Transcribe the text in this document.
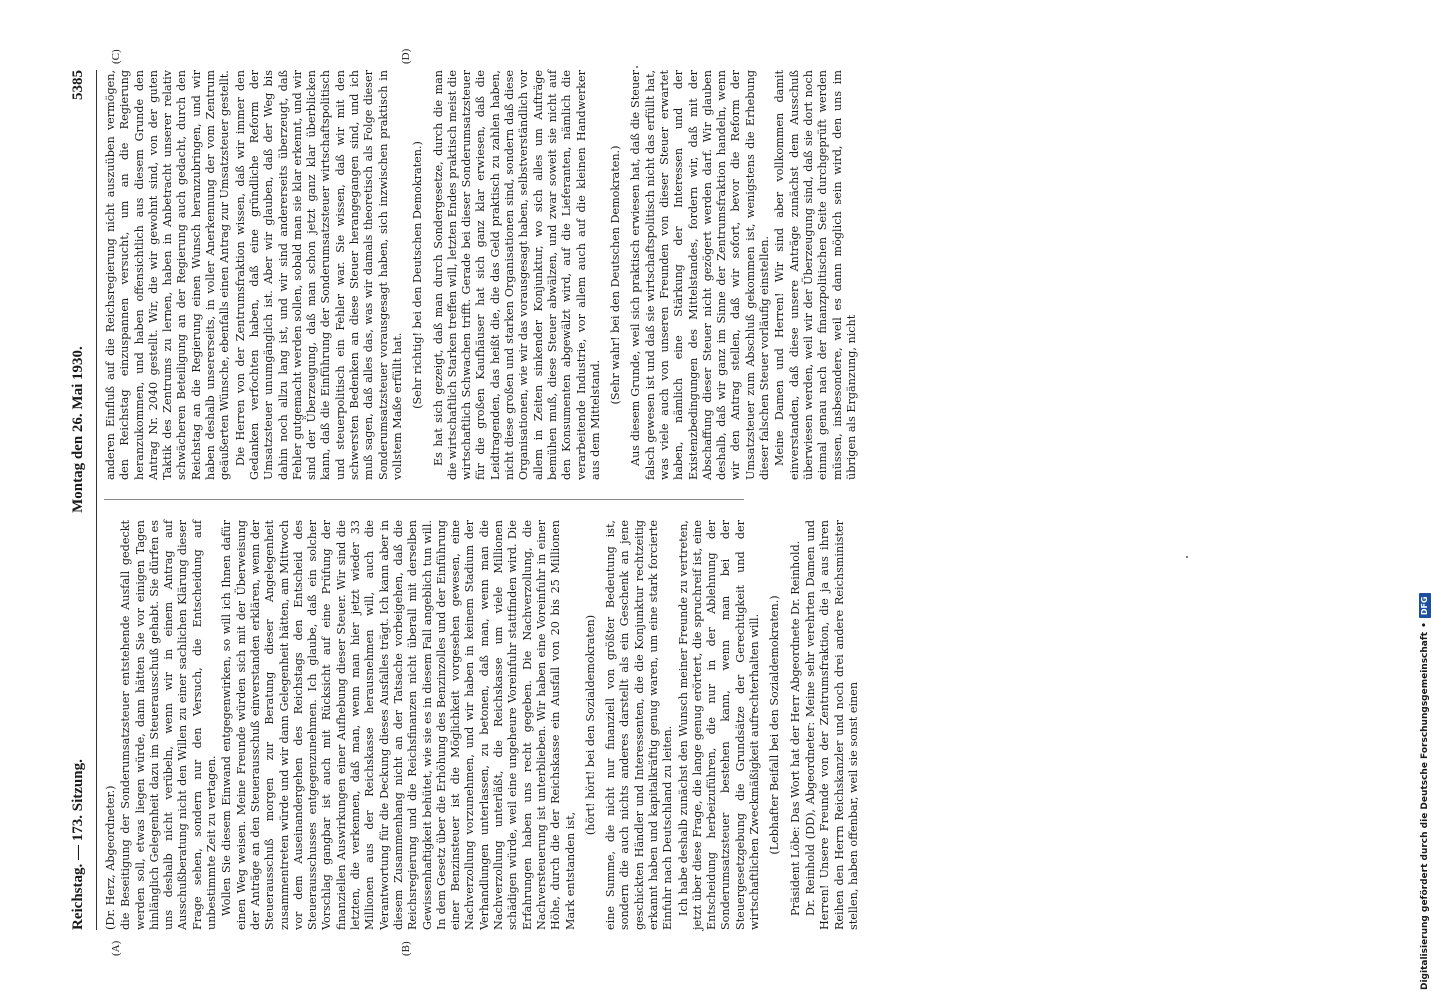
Reichstag. — 173. Sitzung.
Montag den 26. Mai 1930.
5385

(Dr. Herz, Abgeordneter.) die Beseitigung der Sonderumsatzsteuer entstehende Ausfall gedeckt werden soll, etwas liegen würde, dann hätten Sie vor einigen Tagen hinlänglich Gelegenheit dazu im Steuerausschuß gehabt. Sie dürfen es uns deshalb nicht verübeln, wenn wir in einem Antrag auf Ausschußberatung nicht den Willen zu einer sachlichen Klärung dieser Frage sehen, sondern nur den Versuch, die Entscheidung auf unbestimmte Zeit zu vertagen. Wollen Sie diesem Einwand entgegenwirken, so will ich Ihnen dafür einen Weg weisen. Meine Freunde würden sich mit der Überweisung der Anträge an den Steuerausschuß einverstanden erklären, wenn der Steuerausschuß morgen zur Beratung dieser Angelegenheit zusammentreten würde und wir dann Gelegenheit hätten, am Mittwoch vor dem Auseinandergehen des Reichstags den Entscheid des Steuerausschusses entgegenzunehmen. Ich glaube, daß ein solcher Vorschlag gangbar ist auch mit Rücksicht auf eine Prüfung der finanziellen Auswirkungen einer Aufhebung dieser Steuer. Wir sind die letzten, die verkennen, daß man, wenn man hier jetzt wieder 33 Millionen aus der Reichskasse herausnehmen will, auch die Verantwortung für die Deckung dieses Ausfalles trägt. Ich kann aber in diesem Zusammenhang nicht an der Tatsache vorbeigehen, daß die Reichsregierung und die Reichsfinanzen nicht überall mit derselben Gewissenhaftigkeit behütet, wie sie es in diesem Fall angeblich tun will. In dem Gesetz über die Erhöhung des Benzinzolles und der Einführung einer Benzinsteuer ist die Möglichkeit vorgesehen gewesen, eine Nachverzollung vorzunehmen, und wir haben in keinem Stadium der Verhandlungen unterlassen, zu betonen, daß man, wenn man die Nachverzollung unterläßt, die Reichskasse um viele Millionen schädigen würde, weil eine ungeheure Voreinfuhr stattfinden wird. Die Erfahrungen haben uns recht gegeben. Die Nachverzollung, die Nachversteuerung ist unterblieben. Wir haben eine Voreinfuhr in einer Höhe, durch die der Reichskasse ein Ausfall von 20 bis 25 Millionen Mark entstanden ist,

(hört! hört! bei den Sozialdemokraten) eine Summe, die nicht nur finanziell von größter Bedeutung ist, sondern die auch nichts anderes darstellt als ein Geschenk an jene geschickten Händler und Interessenten, die die Konjunktur rechtzeitig erkannt haben und kapitalkräftig genug waren, um eine stark forcierte Einfuhr nach Deutschland zu leiten. Ich habe deshalb zunächst den Wunsch meiner Freunde zu vertreten, jetzt über diese Frage, die lange genug erörtert, die spruchreif ist, eine Entscheidung herbeizuführen, die nur in der Ablehnung der Sonderumsatzsteuer bestehen kann, wenn man bei der Steuergesetzgebung die Grundsätze der Gerechtigkeit und der wirtschaftlichen Zweckmäßigkeit aufrechterhalten will. (Lebhafter Beifall bei den Sozialdemokraten.) Präsident Löbe: Das Wort hat der Herr Abgeordnete Dr. Reinhold. Dr. Reinhold (DD), Abgeordneter: Meine sehr verehrten Damen und Herren! Unsere Freunde von der Zentrumsfraktion, die ja aus ihren Reihen den Herrn Reichskanzler und noch drei andere Reichsminister stellen, haben offenbar, weil sie sonst einen

anderen Einfluß auf die Reichsregierung nicht auszuüben vermögen, den Reichstag einzuspannen versucht, um an die Regierung heranzukommen, und haben offensichtlich aus diesem Grunde den Antrag Nr. 2040 gestellt. Wir, die wir gewohnt sind, von der guten Taktik des Zentrums zu lernen, haben in Anbetracht unserer relativ schwächeren Beteiligung an der Regierung auch gedacht, durch den Reichstag an die Regierung einen Wunsch heranzubringen, und wir haben deshalb unsererseits, in voller Anerkennung der vom Zentrum geäußerten Wünsche, ebenfalls einen Antrag zur Umsatzsteuer gestellt. Die Herren von der Zentrumsfraktion wissen, daß wir immer den Gedanken verfochten haben, daß eine gründliche Reform der Umsatzsteuer unumgänglich ist. Aber wir glauben, daß der Weg bis dahin noch allzu lang ist, und wir sind andererseits überzeugt, daß Fehler gutgemacht werden sollen, sobald man sie klar erkennt, und wir sind der Überzeugung, daß man schon jetzt ganz klar überblicken kann, daß die Einführung der Sonderumsatzsteuer wirtschaftspolitisch und steuerpolitisch ein Fehler war. Sie wissen, daß wir mit den schwersten Bedenken an diese Steuer herangegangen sind, und ich muß sagen, daß alles das, was wir damals theoretisch als Folge dieser Sonderumsatzsteuer vorausgesagt haben, sich inzwischen praktisch in vollstem Maße erfüllt hat. (Sehr richtig! bei den Deutschen Demokraten.) Es hat sich gezeigt, daß man durch Sondergesetze, durch die man die wirtschaftlich Starken treffen will, letzten Endes praktisch meist die wirtschaftlich Schwachen trifft. Gerade bei dieser Sonderumsatzsteuer für die großen Kaufhäuser hat sich ganz klar erwiesen, daß die Leidtragenden, das heißt die, die das Geld praktisch zu zahlen haben, nicht diese großen und starken Organisationen sind, sondern daß diese Organisationen, wie wir das vorausgesagt haben, selbstverständlich vor allem in Zeiten sinkender Konjunktur, wo sich alles um Aufträge bemühen muß, diese Steuer abwälzen, und zwar soweit sie nicht auf den Konsumenten abgewälzt wird, auf die Lieferanten, nämlich die verarbeitende Industrie, vor allem auch auf die kleinen Handwerker aus dem Mittelstand.

(Sehr wahr! bei den Deutschen Demokraten.) Aus diesem Grunde, weil sich praktisch erwiesen hat, daß die Steuer falsch gewesen ist und daß sie wirtschaftspolitisch nicht das erfüllt hat, was viele auch von unseren Freunden von dieser Steuer erwartet haben, nämlich eine Stärkung der Interessen und der Existenzbedingungen des Mittelstandes, fordern wir, daß mit der Abschaffung dieser Steuer nicht gezögert werden darf. Wir glauben deshalb, daß wir ganz im Sinne der Zentrumsfraktion handeln, wenn wir den Antrag stellen, daß wir sofort, bevor die Reform der Umsatzsteuer zum Abschluß gekommen ist, wenigstens die Erhebung dieser falschen Steuer vorläufig einstellen. Meine Damen und Herren! Wir sind aber vollkommen damit einverstanden, daß diese unsere Anträge zunächst dem Ausschuß überwiesen werden, weil wir der Überzeugung sind, daß sie dort noch einmal genau nach der finanzpolitischen Seite durchgeprüft werden müssen, insbesondere, weil es dann möglich sein wird, den uns im übrigen als Ergänzung, nicht

(A)	(B)
(C)	(D)
Digitalisierung gefördert durch die Deutsche Forschungsgemeinschaft
•
DFG
